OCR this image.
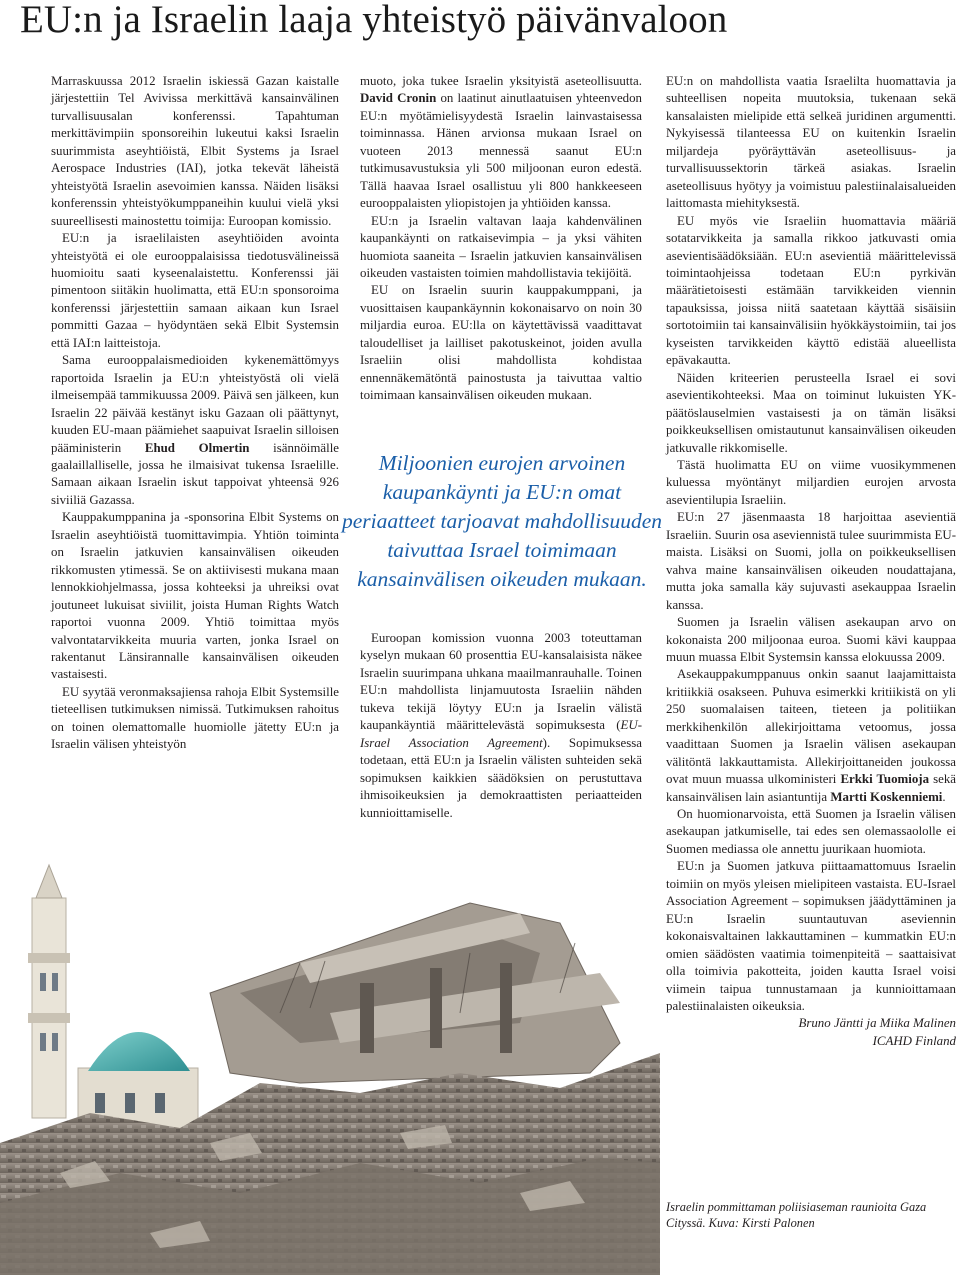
EU:n ja Israelin laaja yhteistyö päivänvaloon

Marraskuussa 2012 Israelin iskiessä Gazan kaistalle järjestettiin Tel Avivissa merkittävä kansainvälinen turvallisuusalan konferenssi. Tapahtuman merkittävimpiin sponsoreihin lukeutui kaksi Israelin suurimmista aseyhtiöistä, Elbit Systems ja Israel Aerospace Industries (IAI), jotka tekevät läheistä yhteistyötä Israelin asevoimien kanssa. Näiden lisäksi konferenssin yhteistyökumppaneihin kuului vielä yksi suureellisesti mainostettu toimija: Euroopan komissio.

EU:n ja israelilaisten aseyhtiöiden avointa yhteistyötä ei ole eurooppalaisissa tiedotusvälineissä huomioitu saati kyseenalaistettu. Konferenssi jäi pimentoon siitäkin huolimatta, että EU:n sponsoroima konferenssi järjestettiin samaan aikaan kun Israel pommitti Gazaa – hyödyntäen sekä Elbit Systemsin että IAI:n laitteistoja.

Sama eurooppalaismedioiden kykenemättömyys raportoida Israelin ja EU:n yhteistyöstä oli vielä ilmeisempää tammikuussa 2009. Päivä sen jälkeen, kun Israelin 22 päivää kestänyt isku Gazaan oli päättynyt, kuuden EU-maan päämiehet saapuivat Israelin silloisen pääministerin Ehud Olmertin isännöimälle gaalaillalliselle, jossa he ilmaisivat tukensa Israelille. Samaan aikaan Israelin iskut tappoivat yhteensä 926 siviiliä Gazassa.

Kauppakumppanina ja -sponsorina Elbit Systems on Israelin aseyhtiöistä tuomittavimpia. Yhtiön toiminta on Israelin jatkuvien kansainvälisen oikeuden rikkomusten ytimessä. Se on aktiivisesti mukana maan lennokkiohjelmassa, jossa kohteeksi ja uhreiksi ovat joutuneet lukuisat siviilit, joista Human Rights Watch raportoi vuonna 2009. Yhtiö toimittaa myös valvontatarvikkeita muuria varten, jonka Israel on rakentanut Länsirannalle kansainvälisen oikeuden vastaisesti.

EU syytää veronmaksajiensa rahoja Elbit Systemsille tieteellisen tutkimuksen nimissä. Tutkimuksen rahoitus on toinen olemattomalle huomiolle jätetty EU:n ja Israelin välisen yhteistyön

muoto, joka tukee Israelin yksityistä aseteollisuutta. David Cronin on laatinut ainutlaatuisen yhteenvedon EU:n myötämielisyydestä Israelin lainvastaisessa toiminnassa. Hänen arvionsa mukaan Israel on vuoteen 2013 mennessä saanut EU:n tutkimusavustuksia yli 500 miljoonan euron edestä. Tällä haavaa Israel osallistuu yli 800 hankkeeseen eurooppalaisten yliopistojen ja yhtiöiden kanssa.

EU:n ja Israelin valtavan laaja kahdenvälinen kaupankäynti on ratkaisevimpia – ja yksi vähiten huomiota saaneita – Israelin jatkuvien kansainvälisen oikeuden vastaisten toimien mahdollistavia tekijöitä.

EU on Israelin suurin kauppakumppani, ja vuosittaisen kaupankäynnin kokonaisarvo on noin 30 miljardia euroa. EU:lla on käytettävissä vaadittavat taloudelliset ja lailliset pakotuskeinot, joiden avulla Israeliin olisi mahdollista kohdistaa ennennäkemätöntä painostusta ja taivuttaa valtio toimimaan kansainvälisen oikeuden mukaan.

Miljoonien eurojen arvoinen kaupankäynti ja EU:n omat periaatteet tarjoavat mahdollisuuden taivuttaa Israel toimimaan kansainvälisen oikeuden mukaan.

Euroopan komission vuonna 2003 toteuttaman kyselyn mukaan 60 prosenttia EU-kansalaisista näkee Israelin suurimpana uhkana maailmanrauhalle. Toinen EU:n mahdollista linjamuutosta Israeliin nähden tukeva tekijä löytyy EU:n ja Israelin välistä kaupankäyntiä määrittelevästä sopimuksesta (EU-Israel Association Agreement). Sopimuksessa todetaan, että EU:n ja Israelin välisten suhteiden sekä sopimuksen kaikkien säädöksien on perustuttava ihmisoikeuksien ja demokraattisten periaatteiden kunnioittamiselle.

EU:n on mahdollista vaatia Israelilta huomattavia ja suhteellisen nopeita muutoksia, tukenaan sekä kansalaisten mielipide että selkeä juridinen argumentti. Nykyisessä tilanteessa EU on kuitenkin Israelin miljardeja pyöräyttävän aseteollisuus- ja turvallisuussektorin tärkeä asiakas. Israelin aseteollisuus hyötyy ja voimistuu palestiinalaisalueiden laittomasta miehityksestä.

EU myös vie Israeliin huomattavia määriä sotatarvikkeita ja samalla rikkoo jatkuvasti omia asevientisäädöksiään. EU:n asevientiä määrittelevissä toimintaohjeissa todetaan EU:n pyrkivän määrätietoisesti estämään tarvikkeiden viennin tapauksissa, joissa niitä saatetaan käyttää sisäisiin sortotoimiin tai kansainvälisiin hyökkäystoimiin, tai jos kyseisten tarvikkeiden käyttö edistää alueellista epävakautta.

Näiden kriteerien perusteella Israel ei sovi asevientikohteeksi. Maa on toiminut lukuisten YK-päätöslauselmien vastaisesti ja on tämän lisäksi poikkeuksellisen omistautunut kansainvälisen oikeuden jatkuvalle rikkomiselle.

Tästä huolimatta EU on viime vuosikymmenen kuluessa myöntänyt miljardien eurojen arvosta asevientilupia Israeliin.

EU:n 27 jäsenmaasta 18 harjoittaa asevientiä Israeliin. Suurin osa aseviennistä tulee suurimmista EU-maista. Lisäksi on Suomi, jolla on poikkeuksellisen vahva maine kansainvälisen oikeuden noudattajana, mutta joka samalla käy sujuvasti asekauppaa Israelin kanssa.

Suomen ja Israelin välisen asekaupan arvo on kokonaista 200 miljoonaa euroa. Suomi kävi kauppaa muun muassa Elbit Systemsin kanssa elokuussa 2009.

Asekauppakumppanuus onkin saanut laajamittaista kritiikkiä osakseen. Puhuva esimerkki kritiikistä on yli 250 suomalaisen taiteen, tieteen ja politiikan merkkihenkilön allekirjoittama vetoomus, jossa vaadittaan Suomen ja Israelin välisen asekaupan välitöntä lakkauttamista. Allekirjoittaneiden joukossa ovat muun muassa ulkoministeri Erkki Tuomioja sekä kansainvälisen lain asiantuntija Martti Koskenniemi.

On huomionarvoista, että Suomen ja Israelin välisen asekaupan jatkumiselle, tai edes sen olemassaololle ei Suomen mediassa ole annettu juurikaan huomiota.

EU:n ja Suomen jatkuva piittaamattomuus Israelin toimiin on myös yleisen mielipiteen vastaista. EU-Israel Association Agreement – sopimuksen jäädyttäminen ja EU:n Israelin suuntautuvan aseviennin kokonaisvaltainen lakkauttaminen – kummatkin EU:n omien säädösten vaatimia toimenpiteitä – saattaisivat olla toimivia pakotteita, joiden kautta Israel voisi viimein taipua tunnustamaan ja kunnioittamaan palestiinalaisten oikeuksia.

Bruno Jäntti ja Miika Malinen
ICAHD Finland
Israelin pommittaman poliisiaseman raunioita Gaza Cityssä. Kuva: Kirsti Palonen
